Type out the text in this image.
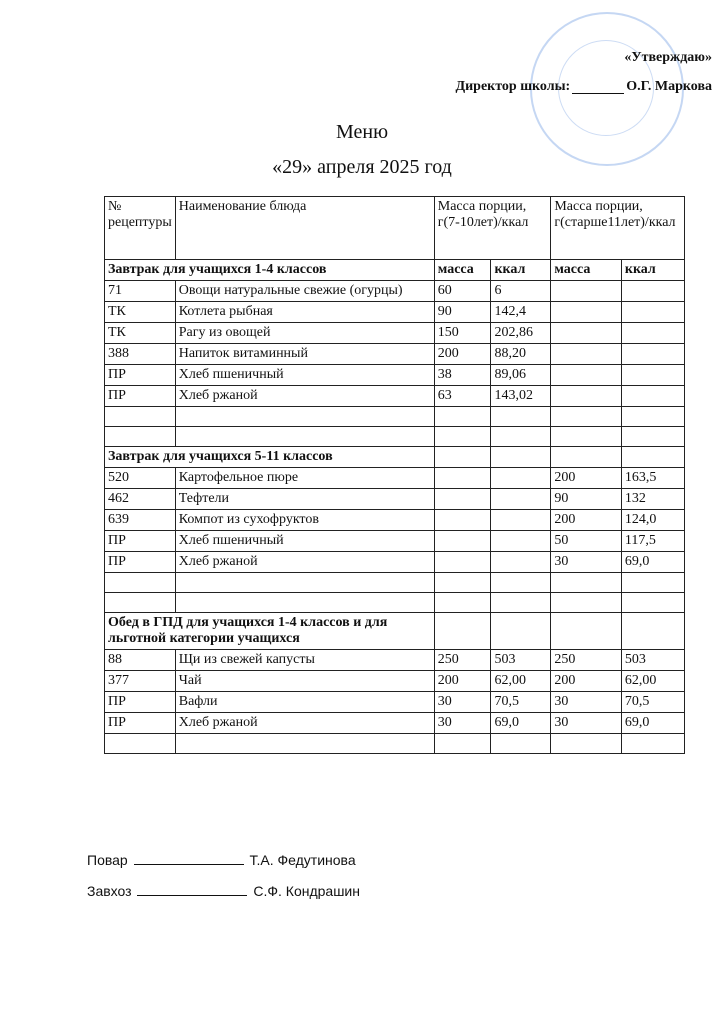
«Утверждаю»
Директор школы:	О.Г. Маркова
Меню
«29» апреля 2025 год
№ рецептуры	Наименование блюда	Масса порции, г(7-10лет)/ккал		Масса порции, г(старше11лет)/ккал	
Завтрак для учащихся 1-4 классов		масса	ккал	масса	ккал
71	Овощи натуральные свежие (огурцы)	60	6		
ТК	Котлета рыбная	90	142,4		
ТК	Рагу из овощей	150	202,86		
388	Напиток витаминный	200	88,20		
ПР	Хлеб пшеничный	38	89,06		
ПР	Хлеб ржаной	63	143,02		

Завтрак для учащихся 5-11 классов					
520	Картофельное пюре			200	163,5
462	Тефтели			90	132
639	Компот из сухофруктов			200	124,0
ПР	Хлеб пшеничный			50	117,5
ПР	Хлеб ржаной			30	69,0

Обед в ГПД для учащихся 1-4 классов и для льготной категории учащихся					
88	Щи из свежей капусты	250	503	250	503
377	Чай	200	62,00	200	62,00
ПР	Вафли	30	70,5	30	70,5
ПР	Хлеб ржаной	30	69,0	30	69,0

Повар	Т.А. Федутинова
Завхоз	С.Ф. Кондрашин
